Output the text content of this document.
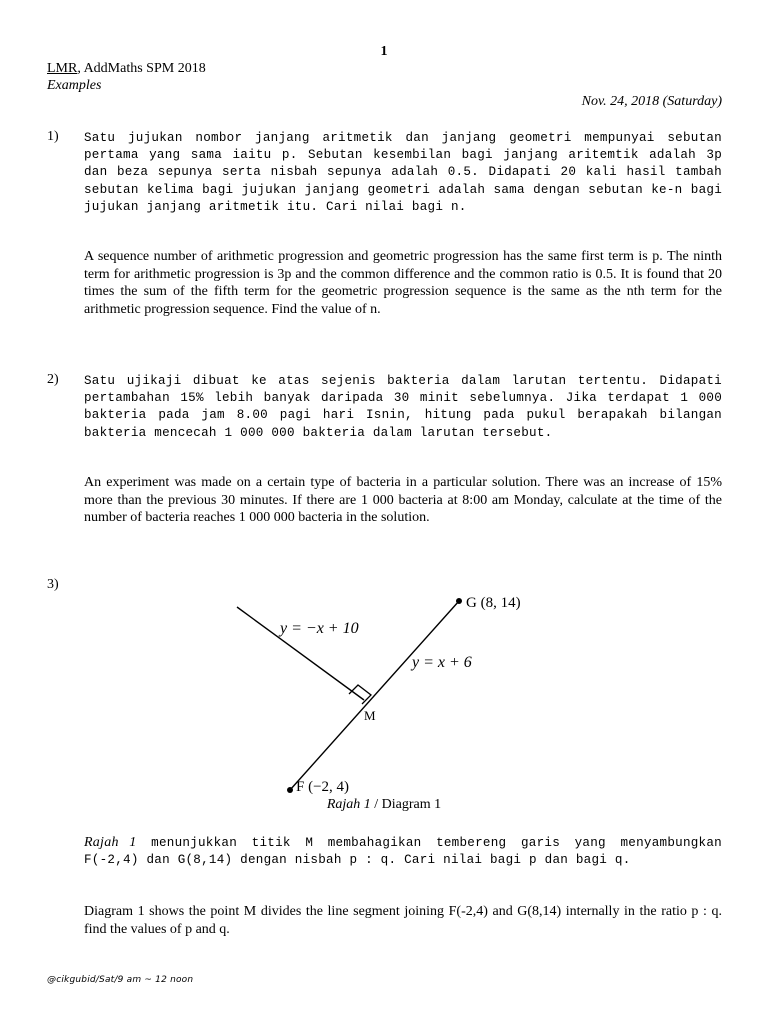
1
LMR, AddMaths SPM 2018
Examples
Nov. 24, 2018 (Saturday)
1) Satu jujukan nombor janjang aritmetik dan janjang geometri mempunyai sebutan pertama yang sama iaitu p. Sebutan kesembilan bagi janjang aritemtik adalah 3p dan beza sepunya serta nisbah sepunya adalah 0.5. Didapati 20 kali hasil tambah sebutan kelima bagi jujukan janjang geometri adalah sama dengan sebutan ke-n bagi jujukan janjang aritmetik itu. Cari nilai bagi n.
A sequence number of arithmetic progression and geometric progression has the same first term is p. The ninth term for arithmetic progression is 3p and the common difference and the common ratio is 0.5. It is found that 20 times the sum of the fifth term for the geometric progression sequence is the same as the nth term for the arithmetic progression sequence. Find the value of n.
2) Satu ujikaji dibuat ke atas sejenis bakteria dalam larutan tertentu. Didapati pertambahan 15% lebih banyak daripada 30 minit sebelumnya. Jika terdapat 1 000 bakteria pada jam 8.00 pagi hari Isnin, hitung pada pukul berapakah bilangan bakteria mencecah 1 000 000 bakteria dalam larutan tersebut.
An experiment was made on a certain type of bacteria in a particular solution. There was an increase of 15% more than the previous 30 minutes. If there are 1 000 bacteria at 8:00 am Monday, calculate at the time of the number of bacteria reaches 1 000 000 bacteria in the solution.
3)
G (8, 14)
F (−2, 4)
M
y = −x + 10
y = x + 6
Rajah 1 / Diagram 1
Rajah 1 menunjukkan titik M membahagikan tembereng garis yang menyambungkan F(-2,4) dan G(8,14) dengan nisbah p : q. Cari nilai bagi p dan bagi q.
Diagram 1 shows the point M divides the line segment joining F(-2,4) and G(8,14) internally in the ratio p : q. find the values of p and q.
@cikgubid/Sat/9 am ~ 12 noon
